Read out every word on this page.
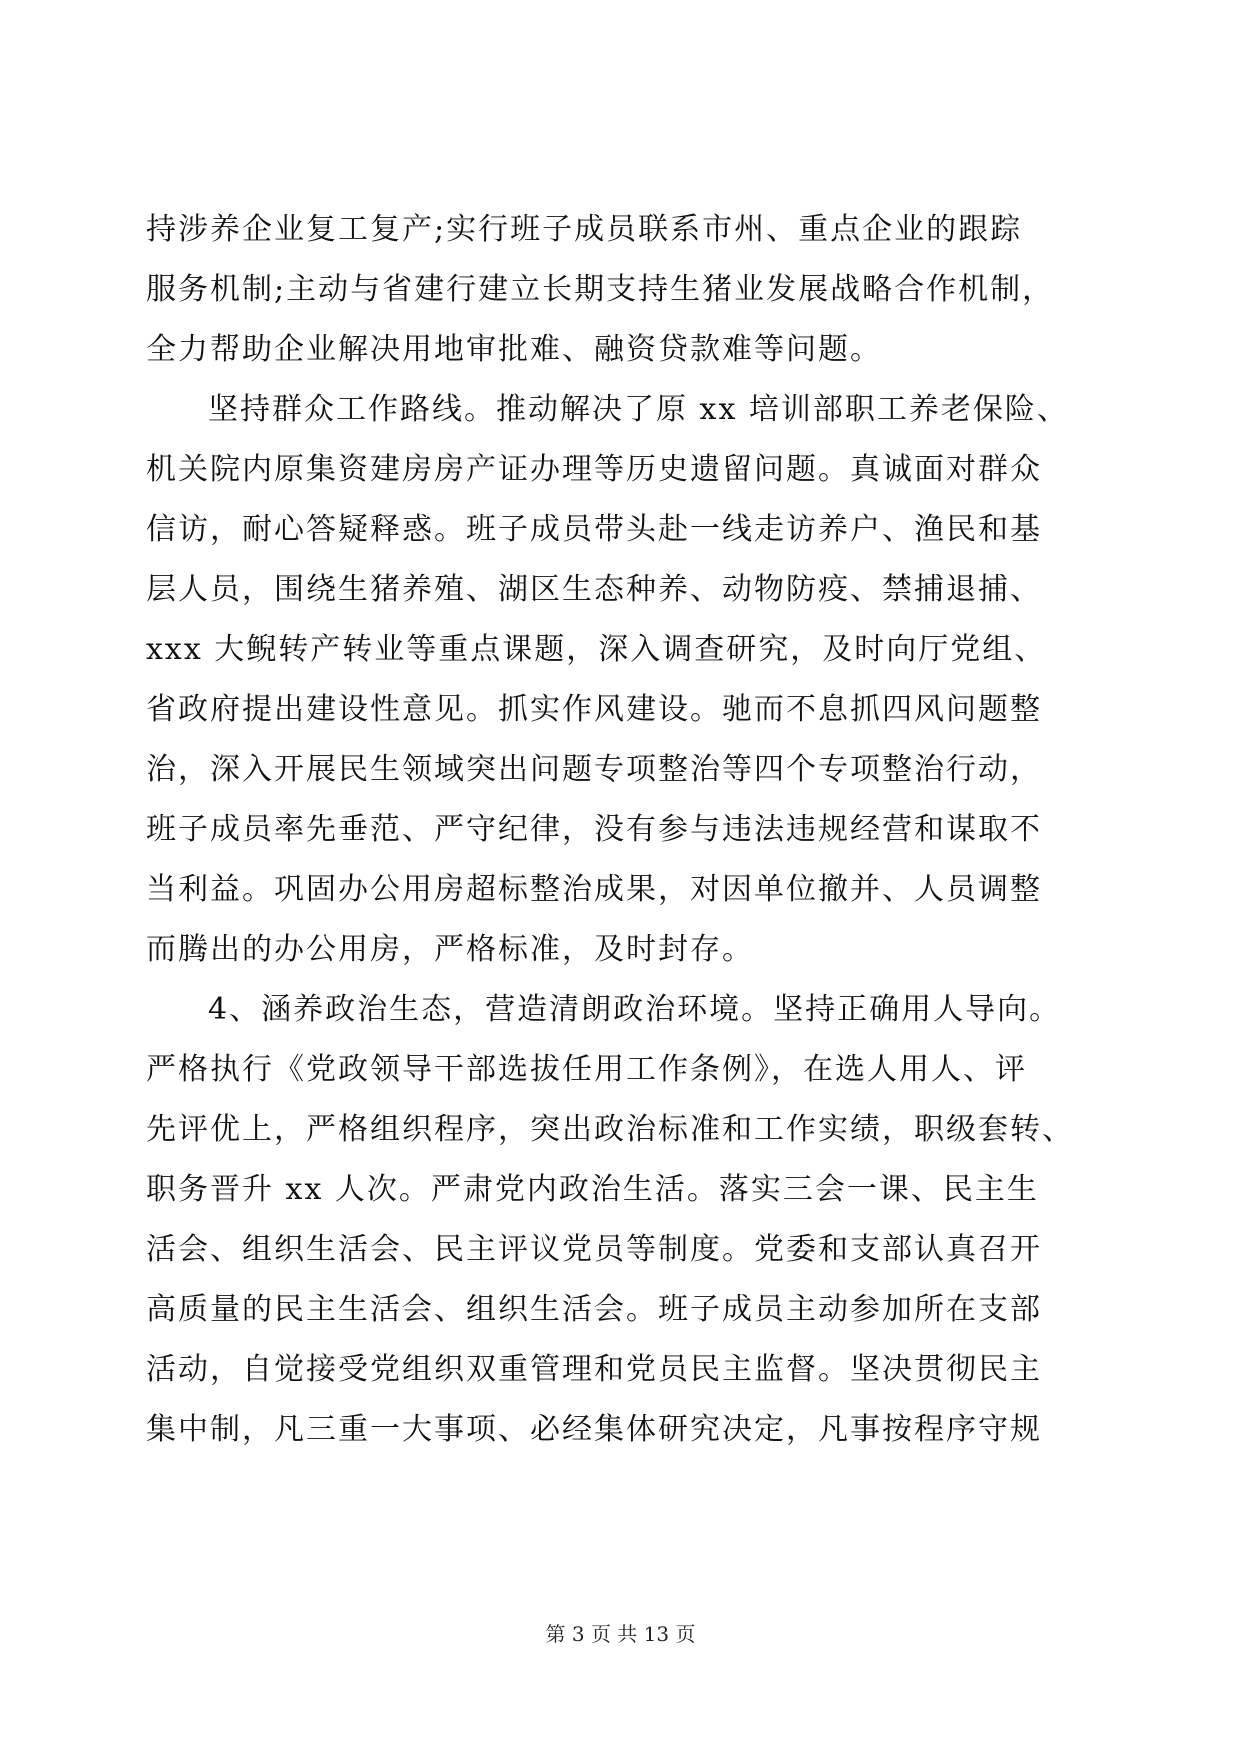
持涉养企业复工复产;实行班子成员联系市州、重点企业的跟踪
服务机制;主动与省建行建立长期支持生猪业发展战略合作机制，
全力帮助企业解决用地审批难、融资贷款难等问题。
坚持群众工作路线。推动解决了原 xx 培训部职工养老保险、
机关院内原集资建房房产证办理等历史遗留问题。真诚面对群众
信访，耐心答疑释惑。班子成员带头赴一线走访养户、渔民和基
层人员，围绕生猪养殖、湖区生态种养、动物防疫、禁捕退捕、
xxx 大鲵转产转业等重点课题，深入调查研究，及时向厅党组、
省政府提出建设性意见。抓实作风建设。驰而不息抓四风问题整
治，深入开展民生领域突出问题专项整治等四个专项整治行动，
班子成员率先垂范、严守纪律，没有参与违法违规经营和谋取不
当利益。巩固办公用房超标整治成果，对因单位撤并、人员调整
而腾出的办公用房，严格标准，及时封存。
4、涵养政治生态，营造清朗政治环境。坚持正确用人导向。
严格执行《党政领导干部选拔任用工作条例》，在选人用人、评
先评优上，严格组织程序，突出政治标准和工作实绩，职级套转、
职务晋升 xx 人次。严肃党内政治生活。落实三会一课、民主生
活会、组织生活会、民主评议党员等制度。党委和支部认真召开
高质量的民主生活会、组织生活会。班子成员主动参加所在支部
活动，自觉接受党组织双重管理和党员民主监督。坚决贯彻民主
集中制，凡三重一大事项、必经集体研究决定，凡事按程序守规
第 3 页 共 13 页
